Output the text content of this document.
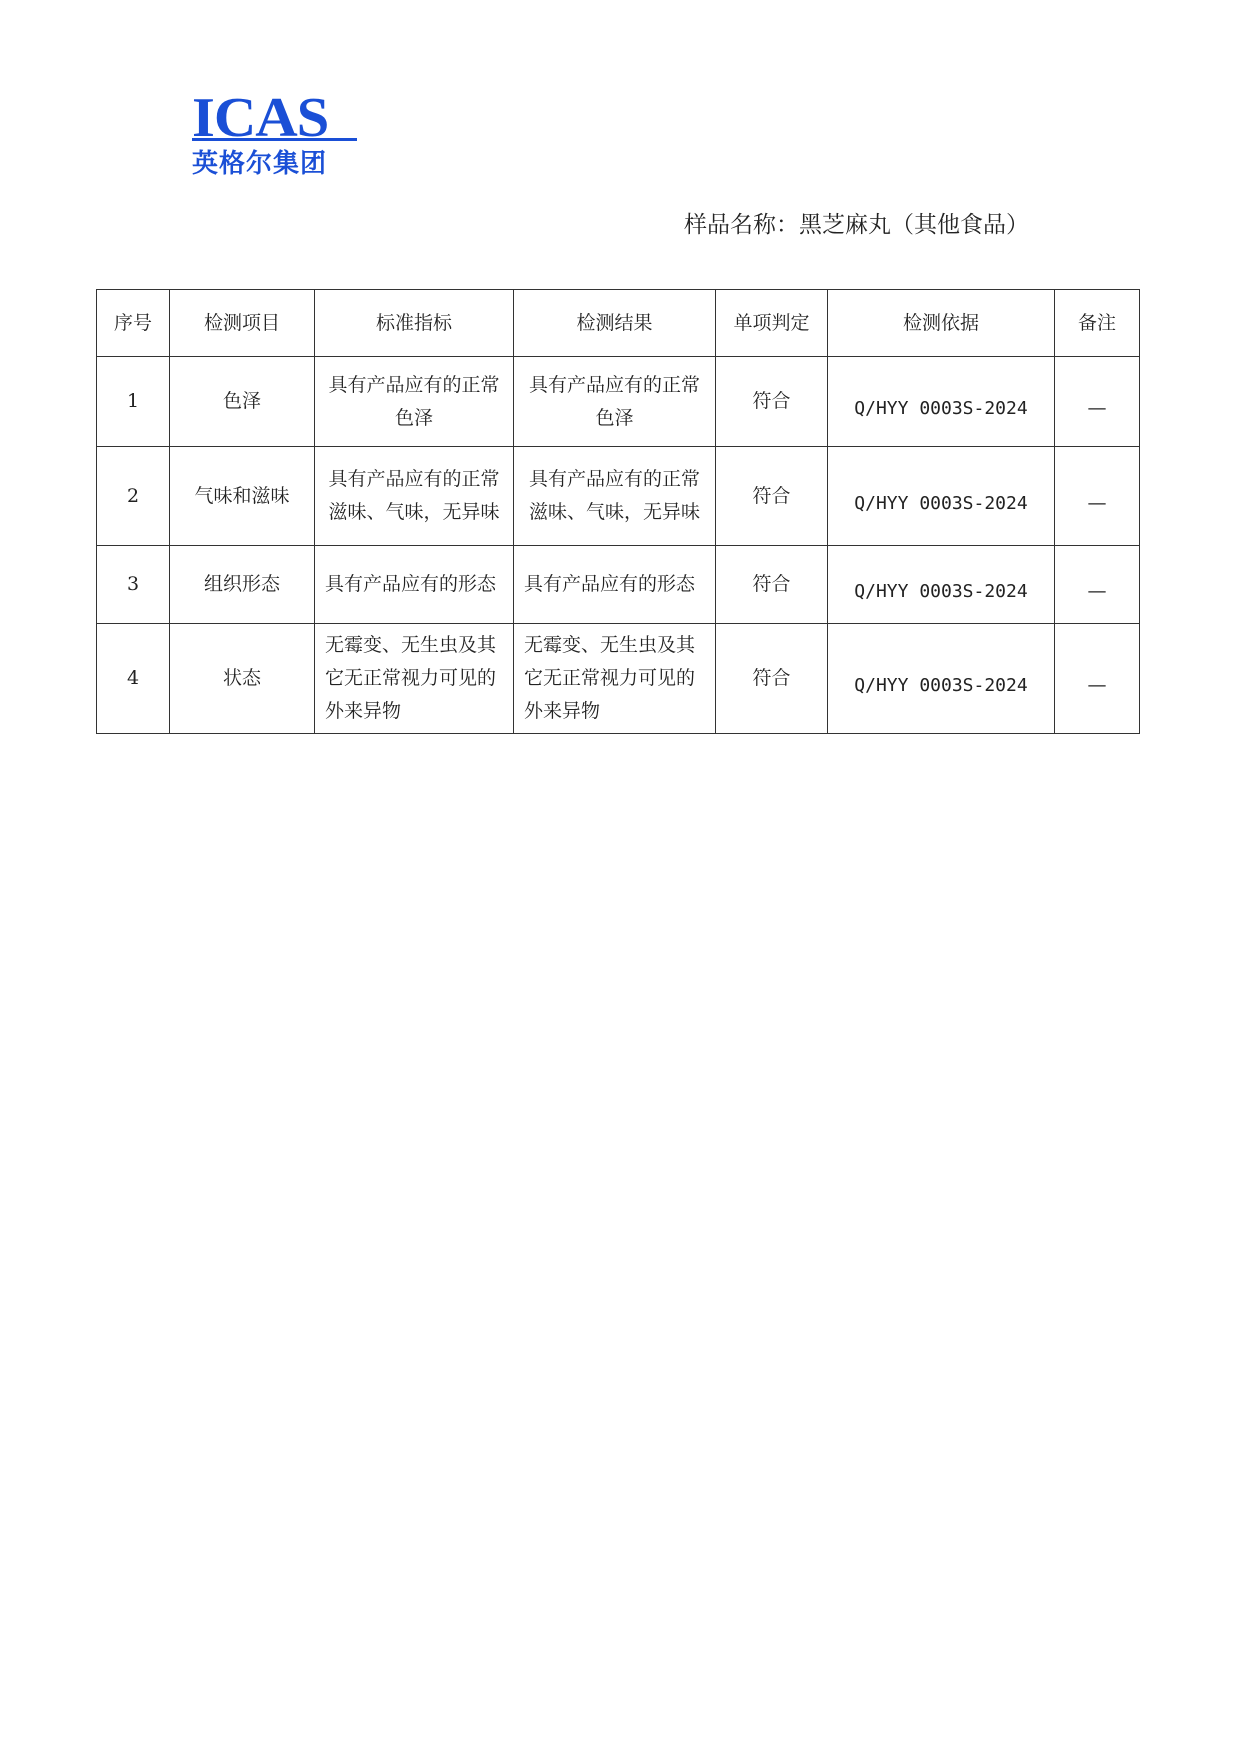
ICAS
英格尔集团
样品名称：黑芝麻丸（其他食品）
序号	检测项目	标准指标	检测结果	单项判定	检测依据	备注
1	色泽	具有产品应有的正常色泽	具有产品应有的正常色泽	符合	Q/HYY 0003S-2024	—
2	气味和滋味	具有产品应有的正常滋味、气味，无异味	具有产品应有的正常滋味、气味，无异味	符合	Q/HYY 0003S-2024	—
3	组织形态	具有产品应有的形态	具有产品应有的形态	符合	Q/HYY 0003S-2024	—
4	状态	无霉变、无生虫及其它无正常视力可见的外来异物	无霉变、无生虫及其它无正常视力可见的外来异物	符合	Q/HYY 0003S-2024	—
